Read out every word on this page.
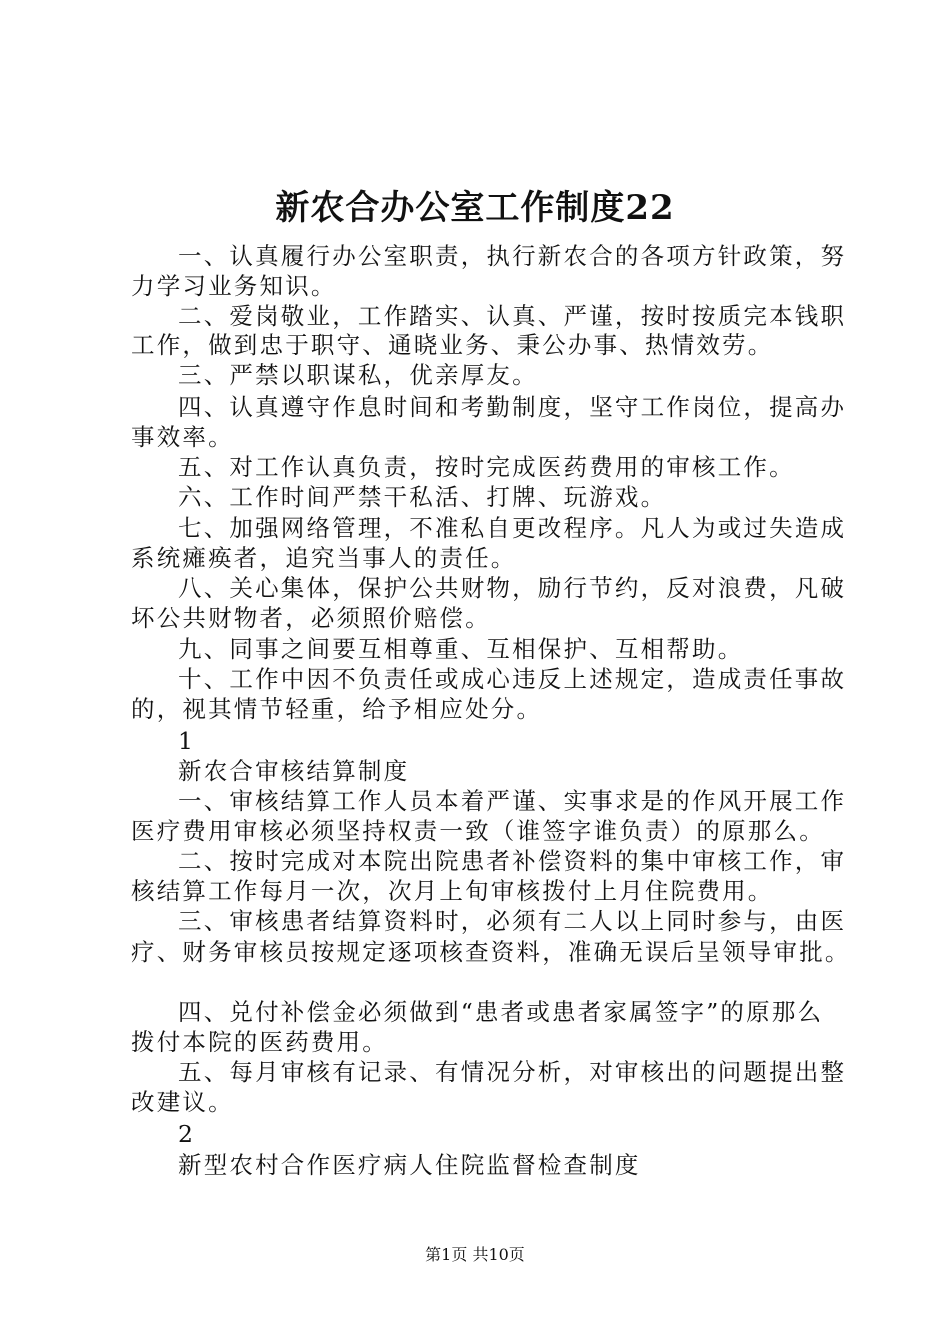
新农合办公室工作制度22
一、认真履行办公室职责，执行新农合的各项方针政策，努
力学习业务知识。
二、爱岗敬业，工作踏实、认真、严谨，按时按质完本钱职
工作，做到忠于职守、通晓业务、秉公办事、热情效劳。
三、严禁以职谋私，优亲厚友。
四、认真遵守作息时间和考勤制度，坚守工作岗位，提高办
事效率。
五、对工作认真负责，按时完成医药费用的审核工作。
六、工作时间严禁干私活、打牌、玩游戏。
七、加强网络管理，不准私自更改程序。凡人为或过失造成
系统瘫痪者，追究当事人的责任。
八、关心集体，保护公共财物，励行节约，反对浪费，凡破
坏公共财物者，必须照价赔偿。
九、同事之间要互相尊重、互相保护、互相帮助。
十、工作中因不负责任或成心违反上述规定，造成责任事故
的，视其情节轻重，给予相应处分。
1
新农合审核结算制度
一、审核结算工作人员本着严谨、实事求是的作风开展工作
医疗费用审核必须坚持权责一致（谁签字谁负责）的原那么。
二、按时完成对本院出院患者补偿资料的集中审核工作，审
核结算工作每月一次，次月上旬审核拨付上月住院费用。
三、审核患者结算资料时，必须有二人以上同时参与，由医
疗、财务审核员按规定逐项核查资料，准确无误后呈领导审批。
四、兑付补偿金必须做到“患者或患者家属签字”的原那么
拨付本院的医药费用。
五、每月审核有记录、有情况分析，对审核出的问题提出整
改建议。
2
新型农村合作医疗病人住院监督检查制度
第1页 共10页
